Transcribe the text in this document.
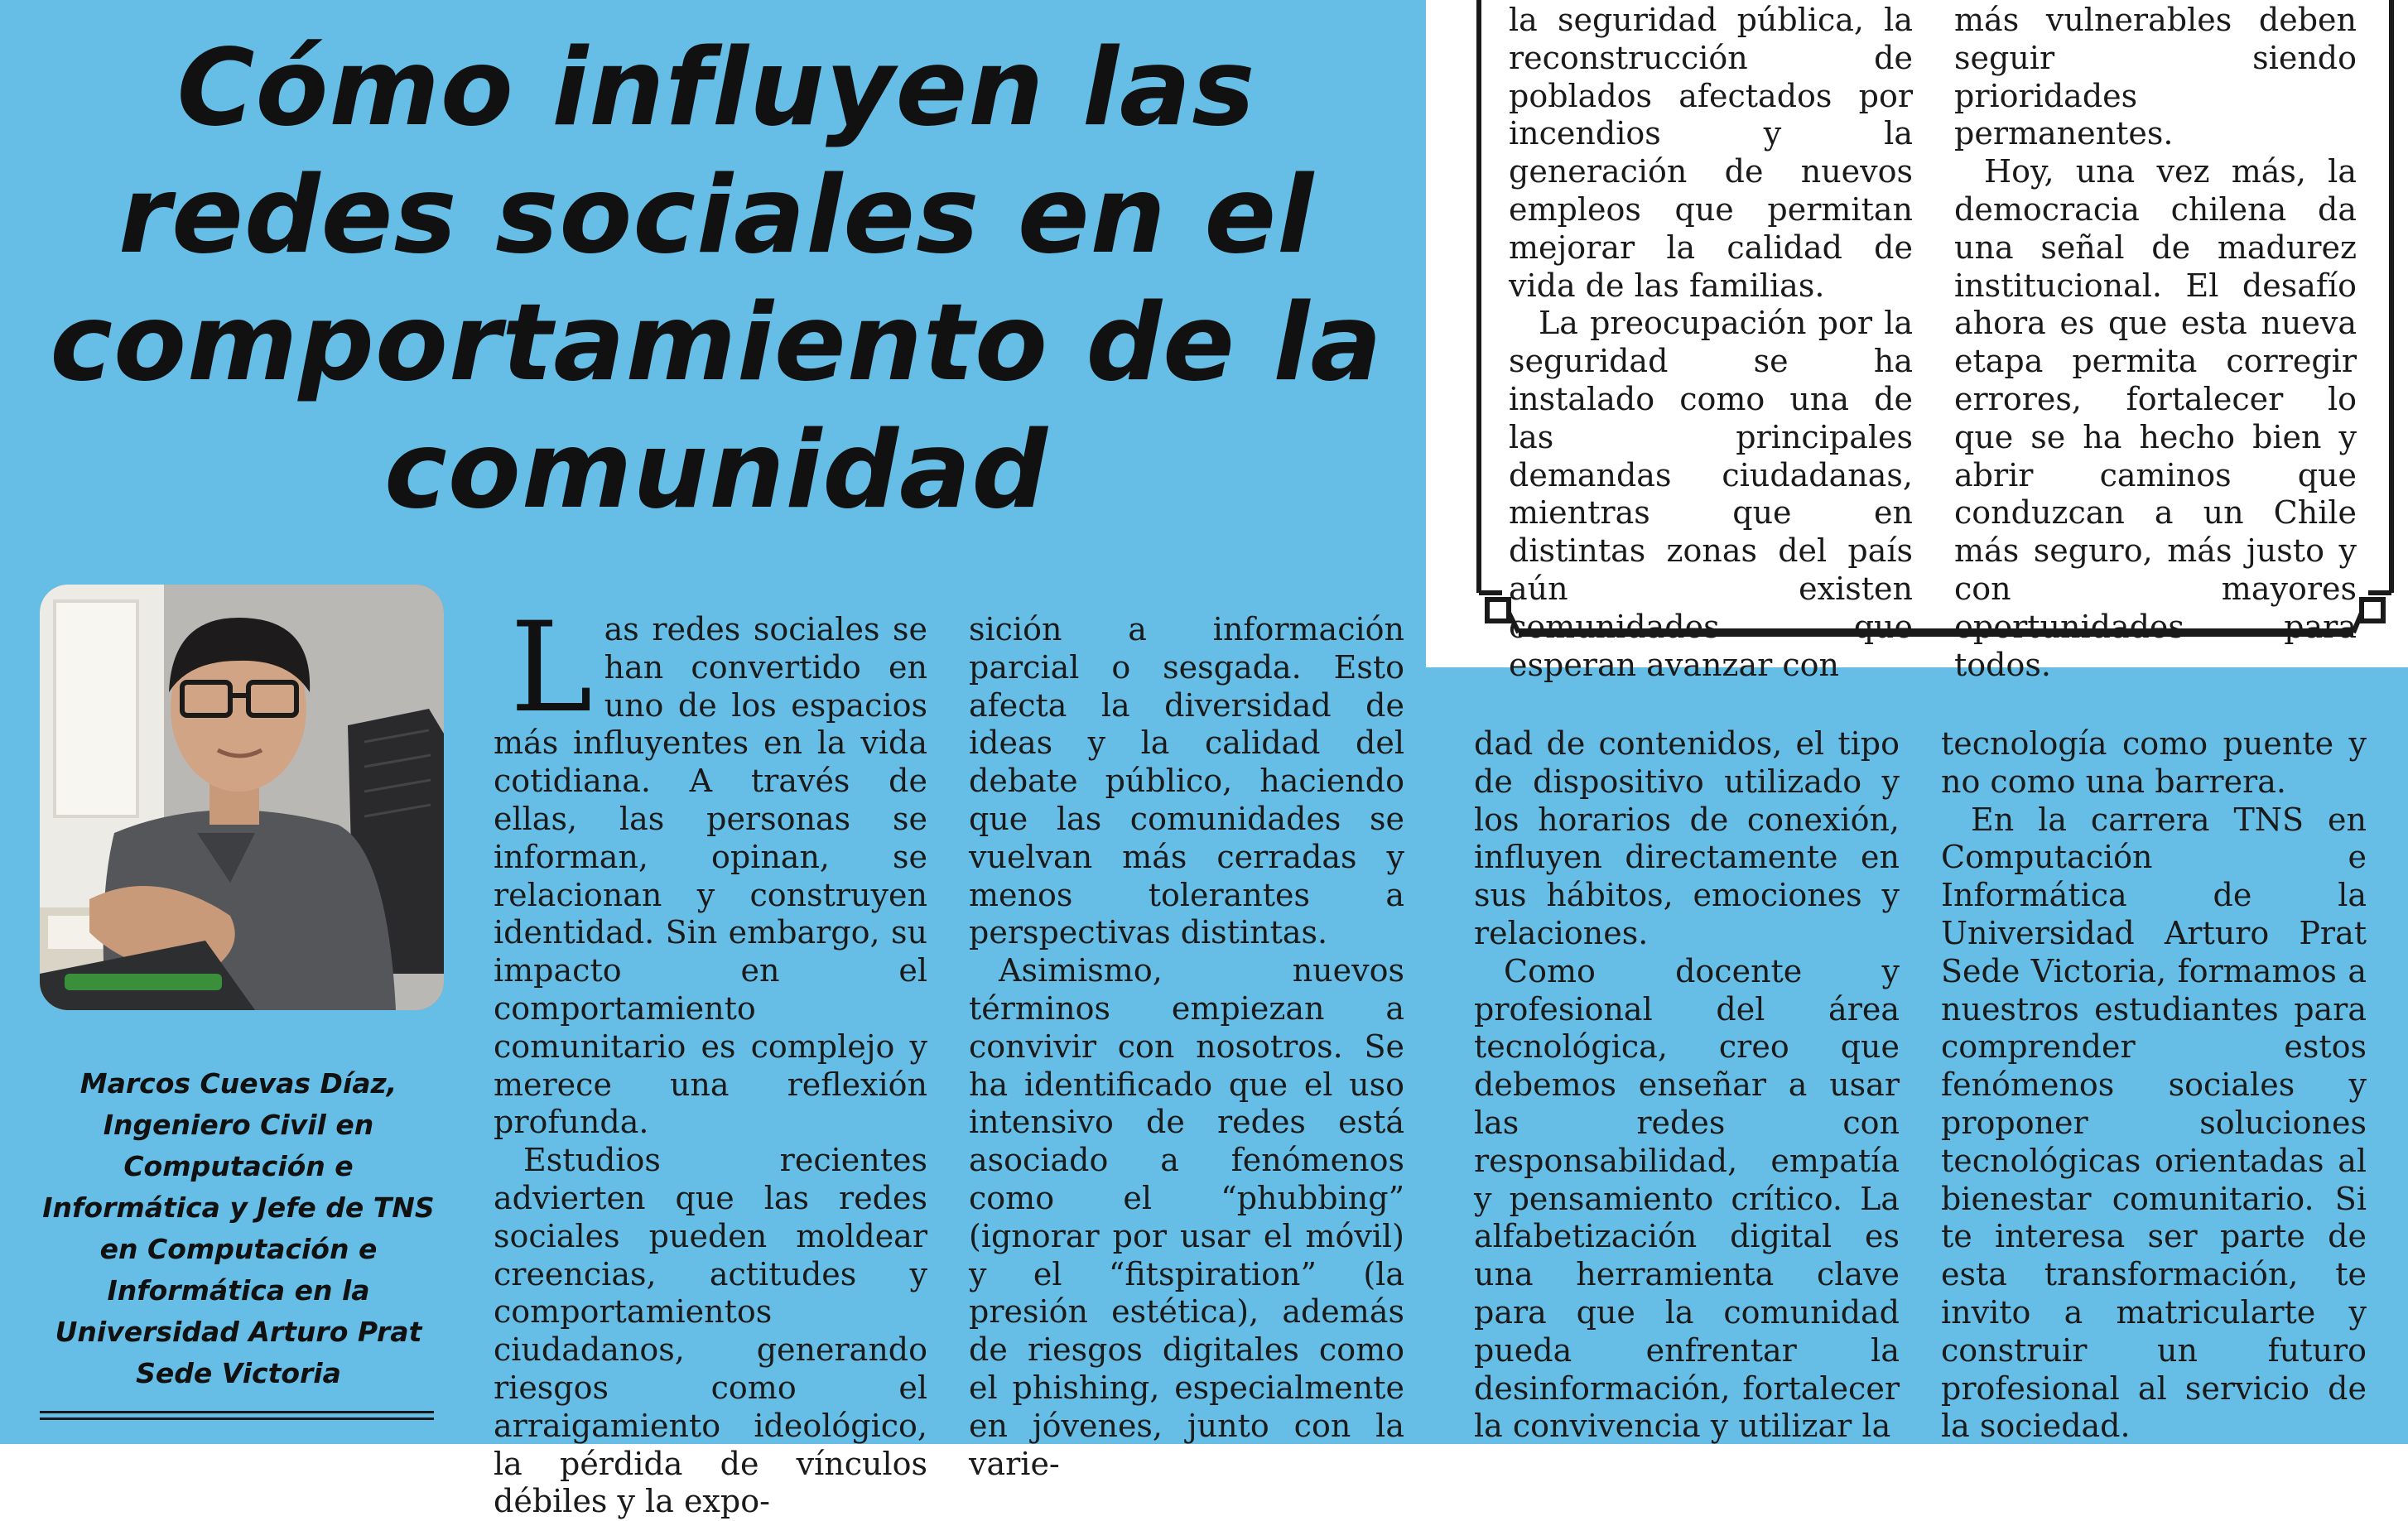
la seguridad pública, la reconstrucción de poblados afectados por incendios y la generación de nuevos empleos que permitan mejorar la calidad de vida de las familias.

La preocupación por la seguridad se ha instalado como una de las principales demandas ciudadanas, mientras que en distintas zonas del país aún existen comunidades que esperan avanzar con

más vulnerables deben seguir siendo prioridades permanentes.

Hoy, una vez más, la democracia chilena da una señal de madurez institucional. El desafío ahora es que esta nueva etapa permita corregir errores, fortalecer lo que se ha hecho bien y abrir caminos que conduzcan a un Chile más seguro, más justo y con mayores oportunidades para todos.

Cómo influyen las redes sociales en el comportamiento de la comunidad

Marcos Cuevas Díaz, Ingeniero Civil en Computación e Informática y Jefe de TNS en Computación e Informática en la Universidad Arturo Prat Sede Victoria

Las redes sociales se han convertido en uno de los espacios más influyentes en la vida cotidiana. A través de ellas, las personas se informan, opinan, se relacionan y construyen identidad. Sin embargo, su impacto en el comportamiento comunitario es complejo y merece una reflexión profunda.

Estudios recientes advierten que las redes sociales pueden moldear creencias, actitudes y comportamientos ciudadanos, generando riesgos como el arraigamiento ideológico, la pérdida de vínculos débiles y la expo-

sición a información parcial o sesgada. Esto afecta la diversidad de ideas y la calidad del debate público, haciendo que las comunidades se vuelvan más cerradas y menos tolerantes a perspectivas distintas.

Asimismo, nuevos términos empiezan a convivir con nosotros. Se ha identificado que el uso intensivo de redes está asociado a fenómenos como el “phubbing” (ignorar por usar el móvil) y el “fitspiration” (la presión estética), además de riesgos digitales como el phishing, especialmente en jóvenes, junto con la varie-

dad de contenidos, el tipo de dispositivo utilizado y los horarios de conexión, influyen directamente en sus hábitos, emociones y relaciones.

Como docente y profesional del área tecnológica, creo que debemos enseñar a usar las redes con responsabilidad, empatía y pensamiento crítico. La alfabetización digital es una herramienta clave para que la comunidad pueda enfrentar la desinformación, fortalecer la convivencia y utilizar la

tecnología como puente y no como una barrera.

En la carrera TNS en Computación e Informática de la Universidad Arturo Prat Sede Victoria, formamos a nuestros estudiantes para comprender estos fenómenos sociales y proponer soluciones tecnológicas orientadas al bienestar comunitario. Si te interesa ser parte de esta transformación, te invito a matricularte y construir un futuro profesional al servicio de la sociedad.
